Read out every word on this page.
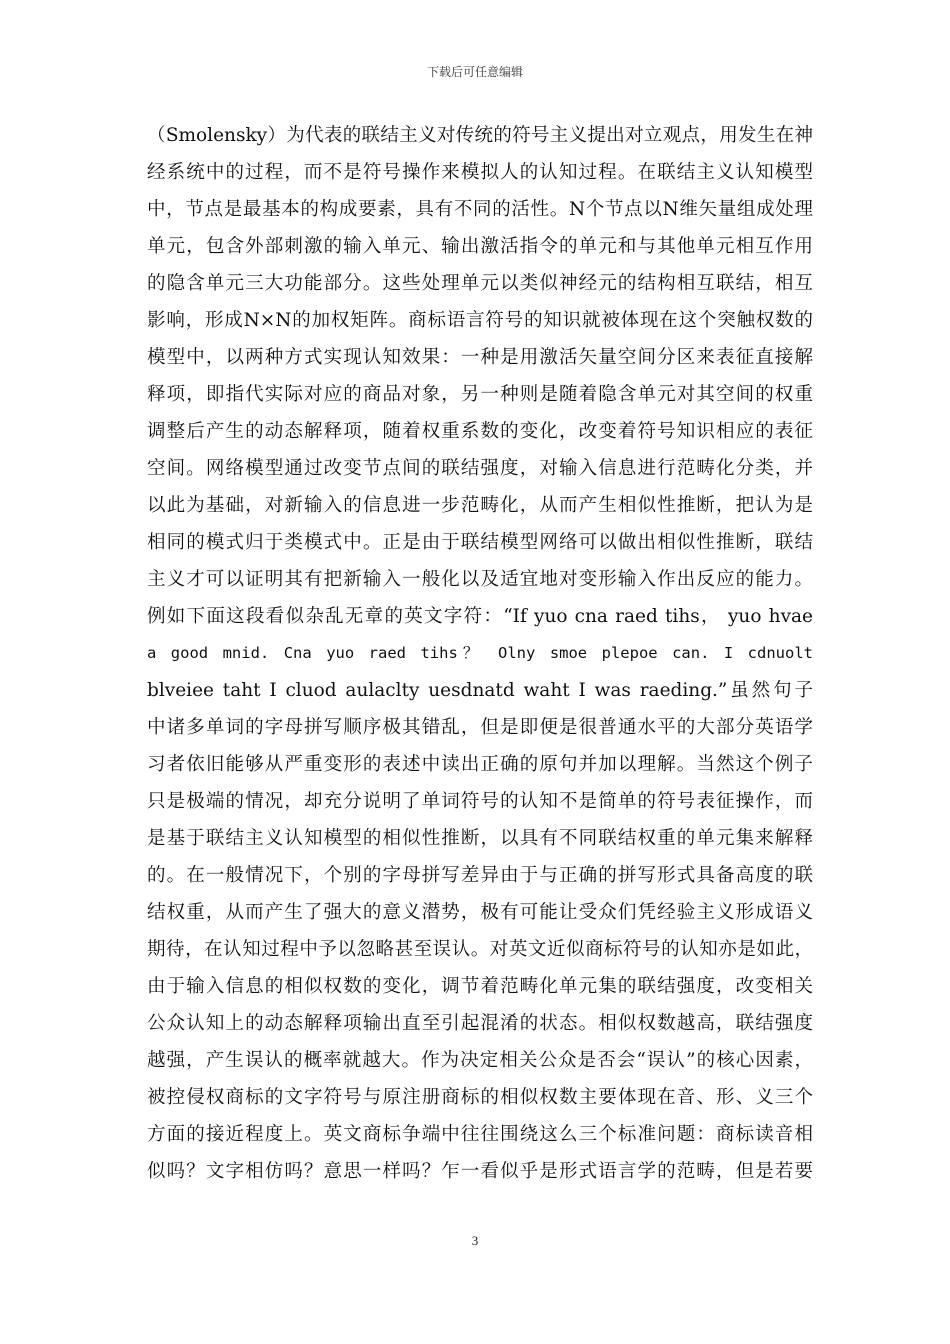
下载后可任意编辑
（Smolensky）为代表的联结主义对传统的符号主义提出对立观点，用发生在神
经系统中的过程，而不是符号操作来模拟人的认知过程。在联结主义认知模型
中，节点是最基本的构成要素，具有不同的活性。N个节点以N维矢量组成处理
单元，包含外部刺激的输入单元、输出激活指令的单元和与其他单元相互作用
的隐含单元三大功能部分。这些处理单元以类似神经元的结构相互联结，相互
影响，形成N×N的加权矩阵。商标语言符号的知识就被体现在这个突触权数的
模型中，以两种方式实现认知效果：一种是用激活矢量空间分区来表征直接解
释项，即指代实际对应的商品对象，另一种则是随着隐含单元对其空间的权重
调整后产生的动态解释项，随着权重系数的变化，改变着符号知识相应的表征
空间。网络模型通过改变节点间的联结强度，对输入信息进行范畴化分类，并
以此为基础，对新输入的信息进一步范畴化，从而产生相似性推断，把认为是
相同的模式归于类模式中。正是由于联结模型网络可以做出相似性推断，联结
主义才可以证明其有把新输入一般化以及适宜地对变形输入作出反应的能力。
例如下面这段看似杂乱无章的英文字符：“If yuo cna raed tihs， yuo hvae
a good mnid. Cna yuo raed tihs？ Olny smoe plepoe can. I cdnuolt
blveiee taht I cluod aulaclty uesdnatd waht I was raeding.”虽然句子
中诸多单词的字母拼写顺序极其错乱，但是即便是很普通水平的大部分英语学
习者依旧能够从严重变形的表述中读出正确的原句并加以理解。当然这个例子
只是极端的情况，却充分说明了单词符号的认知不是简单的符号表征操作，而
是基于联结主义认知模型的相似性推断，以具有不同联结权重的单元集来解释
的。在一般情况下，个别的字母拼写差异由于与正确的拼写形式具备高度的联
结权重，从而产生了强大的意义潜势，极有可能让受众们凭经验主义形成语义
期待，在认知过程中予以忽略甚至误认。对英文近似商标符号的认知亦是如此，
由于输入信息的相似权数的变化，调节着范畴化单元集的联结强度，改变相关
公众认知上的动态解释项输出直至引起混淆的状态。相似权数越高，联结强度
越强，产生误认的概率就越大。作为决定相关公众是否会“误认”的核心因素，
被控侵权商标的文字符号与原注册商标的相似权数主要体现在音、形、义三个
方面的接近程度上。英文商标争端中往往围绕这么三个标准问题：商标读音相
似吗？文字相仿吗？意思一样吗？乍一看似乎是形式语言学的范畴，但是若要
3
